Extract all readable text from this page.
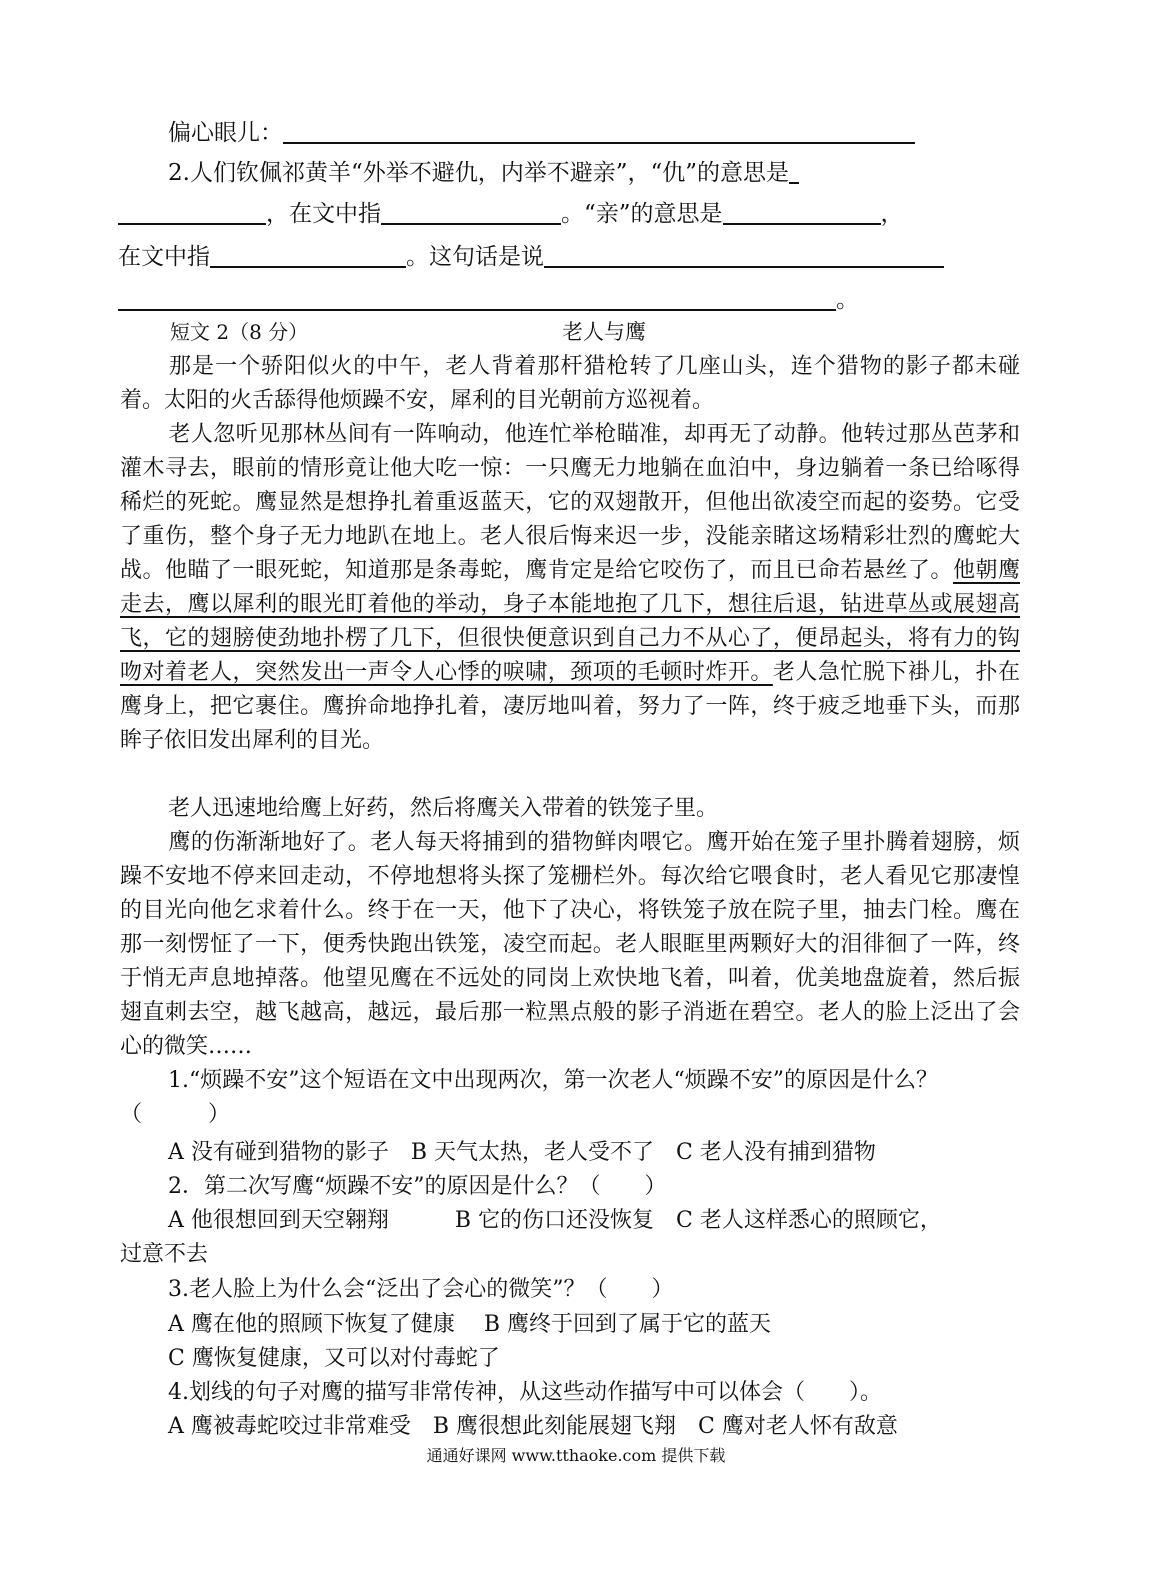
偏心眼儿：
2.人们钦佩祁黄羊“外举不避仇，内举不避亲”，“仇”的意思是
，在文中指	。“亲”的意思是	，
在文中指	。这句话是说
。
短文 2（8 分）	老人与鹰
那是一个骄阳似火的中午，老人背着那杆猎枪转了几座山头，连个猎物的影子都未碰着。太阳的火舌舔得他烦躁不安，犀利的目光朝前方巡视着。
老人忽听见那林丛间有一阵响动，他连忙举枪瞄准，却再无了动静。他转过那丛芭茅和灌木寻去，眼前的情形竟让他大吃一惊：一只鹰无力地躺在血泊中，身边躺着一条已给啄得稀烂的死蛇。鹰显然是想挣扎着重返蓝天，它的双翅散开，但他出欲凌空而起的姿势。它受了重伤，整个身子无力地趴在地上。老人很后悔来迟一步，没能亲睹这场精彩壮烈的鹰蛇大战。他瞄了一眼死蛇，知道那是条毒蛇，鹰肯定是给它咬伤了，而且已命若悬丝了。他朝鹰走去，鹰以犀利的眼光盯着他的举动，身子本能地抱了几下，想往后退，钻进草丛或展翅高飞，它的翅膀使劲地扑楞了几下，但很快便意识到自己力不从心了，便昂起头，将有力的钩吻对着老人，突然发出一声令人心悸的唳啸，颈项的毛顿时炸开。老人急忙脱下褂儿，扑在鹰身上，把它裹住。鹰拚命地挣扎着，凄厉地叫着，努力了一阵，终于疲乏地垂下头，而那眸子依旧发出犀利的目光。
老人迅速地给鹰上好药，然后将鹰关入带着的铁笼子里。
鹰的伤渐渐地好了。老人每天将捕到的猎物鲜肉喂它。鹰开始在笼子里扑腾着翅膀，烦躁不安地不停来回走动，不停地想将头探了笼栅栏外。每次给它喂食时，老人看见它那凄惶的目光向他乞求着什么。终于在一天，他下了决心，将铁笼子放在院子里，抽去门栓。鹰在那一刻愣怔了一下，便秀快跑出铁笼，凌空而起。老人眼眶里两颗好大的泪徘徊了一阵，终于悄无声息地掉落。他望见鹰在不远处的同岗上欢快地飞着，叫着，优美地盘旋着，然后振翅直刺去空，越飞越高，越远，最后那一粒黑点般的影子消逝在碧空。老人的脸上泛出了会心的微笑……
1.“烦躁不安”这个短语在文中出现两次，第一次老人“烦躁不安”的原因是什么？（　　　）
A 没有碰到猎物的影子　B 天气太热，老人受不了　C 老人没有捕到猎物
2．第二次写鹰“烦躁不安”的原因是什么？（　　）
A 他很想回到天空翱翔　　　B 它的伤口还没恢复　C 老人这样悉心的照顾它，
过意不去
3.老人脸上为什么会“泛出了会心的微笑”？（　　）
A 鹰在他的照顾下恢复了健康　 B 鹰终于回到了属于它的蓝天
C 鹰恢复健康，又可以对付毒蛇了
4.划线的句子对鹰的描写非常传神，从这些动作描写中可以体会（　　）。
A 鹰被毒蛇咬过非常难受　B 鹰很想此刻能展翅飞翔　C 鹰对老人怀有敌意
通通好课网 www.tthaoke.com 提供下载
